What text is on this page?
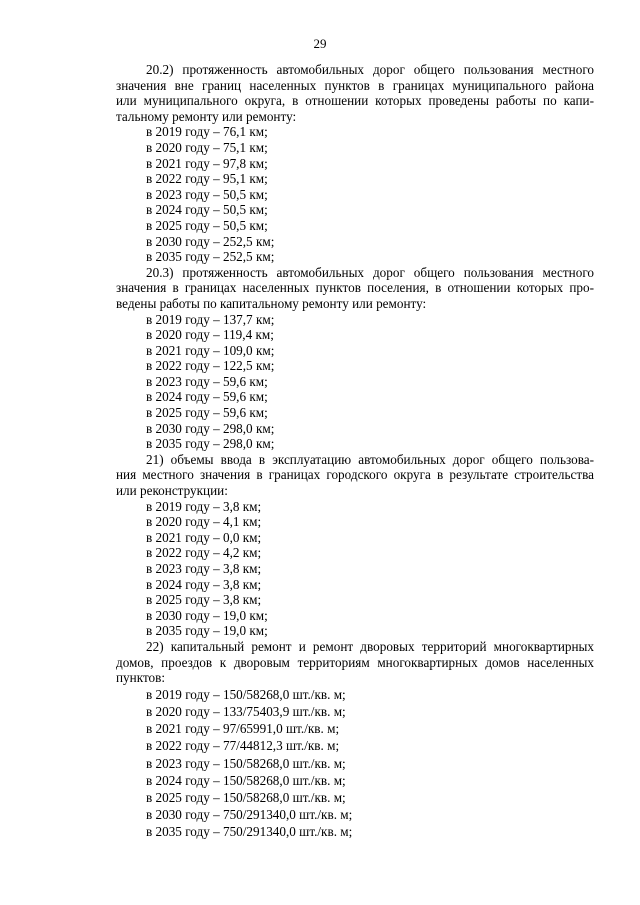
29

20.2) протяженность автомобильных дорог общего пользования местного
значения вне границ населенных пунктов в границах муниципального района
или муниципального округа, в отношении которых проведены работы по капи-
тальному ремонту или ремонту:

в 2019 году – 76,1 км;
в 2020 году – 75,1 км;
в 2021 году – 97,8 км;
в 2022 году – 95,1 км;
в 2023 году – 50,5 км;
в 2024 году – 50,5 км;
в 2025 году – 50,5 км;
в 2030 году – 252,5 км;
в 2035 году – 252,5 км;

20.3) протяженность автомобильных дорог общего пользования местного
значения в границах населенных пунктов поселения, в отношении которых про-
ведены работы по капитальному ремонту или ремонту:

в 2019 году – 137,7 км;
в 2020 году – 119,4 км;
в 2021 году – 109,0 км;
в 2022 году – 122,5 км;
в 2023 году – 59,6 км;
в 2024 году – 59,6 км;
в 2025 году – 59,6 км;
в 2030 году – 298,0 км;
в 2035 году – 298,0 км;

21) объемы ввода в эксплуатацию автомобильных дорог общего пользова-
ния местного значения в границах городского округа в результате строительства
или реконструкции:

в 2019 году – 3,8 км;
в 2020 году – 4,1 км;
в 2021 году – 0,0 км;
в 2022 году – 4,2 км;
в 2023 году – 3,8 км;
в 2024 году – 3,8 км;
в 2025 году – 3,8 км;
в 2030 году – 19,0 км;
в 2035 году – 19,0 км;

22) капитальный ремонт и ремонт дворовых территорий многоквартирных
домов, проездов к дворовым территориям многоквартирных домов населенных
пунктов:

в 2019 году – 150/58268,0 шт./кв. м;
в 2020 году – 133/75403,9 шт./кв. м;
в 2021 году – 97/65991,0 шт./кв. м;
в 2022 году – 77/44812,3 шт./кв. м;
в 2023 году – 150/58268,0 шт./кв. м;
в 2024 году – 150/58268,0 шт./кв. м;
в 2025 году – 150/58268,0 шт./кв. м;
в 2030 году – 750/291340,0 шт./кв. м;
в 2035 году – 750/291340,0 шт./кв. м;
